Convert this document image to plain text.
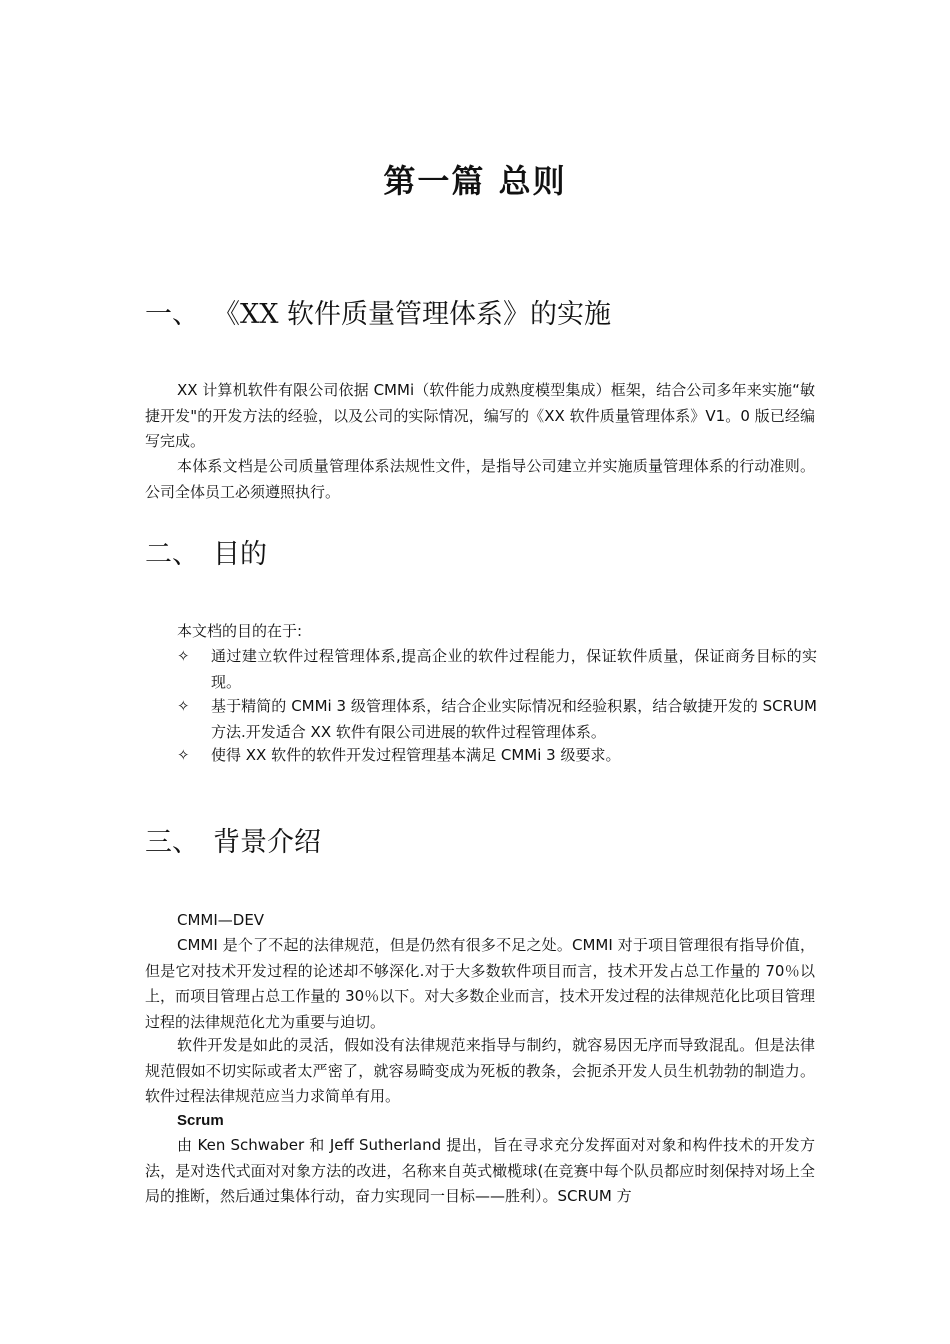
第一篇 总则
一、 《XX 软件质量管理体系》的实施

XX 计算机软件有限公司依据 CMMi（软件能力成熟度模型集成）框架，结合公司多年来实施“敏捷开发"的开发方法的经验，以及公司的实际情况，编写的《XX 软件质量管理体系》V1。0 版已经编写完成。

本体系文档是公司质量管理体系法规性文件，是指导公司建立并实施质量管理体系的行动准则。公司全体员工必须遵照执行。

二、 目的
本文档的目的在于:
✧	通过建立软件过程管理体系,提高企业的软件过程能力，保证软件质量，保证商务目标的实现。
✧	基于精简的 CMMi 3 级管理体系，结合企业实际情况和经验积累，结合敏捷开发的 SCRUM 方法.开发适合 XX 软件有限公司进展的软件过程管理体系。
✧	使得 XX 软件的软件开发过程管理基本满足 CMMi 3 级要求。
三、 背景介绍
CMMI—DEV

CMMI 是个了不起的法律规范，但是仍然有很多不足之处。CMMI 对于项目管理很有指导价值，但是它对技术开发过程的论述却不够深化.对于大多数软件项目而言，技术开发占总工作量的 70％以上，而项目管理占总工作量的 30％以下。对大多数企业而言，技术开发过程的法律规范化比项目管理过程的法律规范化尤为重要与迫切。

软件开发是如此的灵活，假如没有法律规范来指导与制约，就容易因无序而导致混乱。但是法律规范假如不切实际或者太严密了，就容易畸变成为死板的教条，会扼杀开发人员生机勃勃的制造力。软件过程法律规范应当力求简单有用。

Scrum

由 Ken Schwaber 和 Jeff Sutherland 提出，旨在寻求充分发挥面对对象和构件技术的开发方法，是对迭代式面对对象方法的改进，名称来自英式橄榄球(在竞赛中每个队员都应时刻保持对场上全局的推断，然后通过集体行动，奋力实现同一目标——胜利）。SCRUM 方
